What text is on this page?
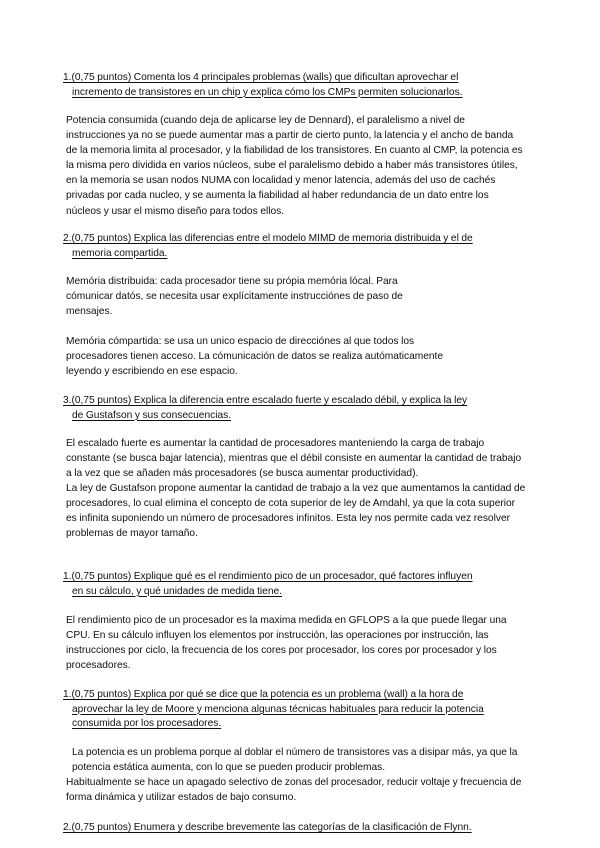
1.(0,75 puntos) Comenta los 4 principales problemas (walls) que dificultan aprovechar el
incremento de transistores en un chip y explica cómo los CMPs permiten solucionarlos.

Potencia consumida (cuando deja de aplicarse ley de Dennard), el paralelismo a nivel de instrucciones ya no se puede aumentar mas a partir de cierto punto, la latencia y el ancho de banda de la memoria limita al procesador, y la fiabilidad de los transistores. En cuanto al CMP, la potencia es la misma pero dividida en varios núcleos, sube el paralelismo debido a haber más transistores útiles, en la memoria se usan nodos NUMA con localidad y menor latencia, además del uso de cachés privadas por cada nucleo, y se aumenta la fiabilidad al haber redundancia de un dato entre los núcleos y usar el mismo diseño para todos ellos.

2.(0,75 puntos) Explica las diferencias entre el modelo MIMD de memoria distribuida y el de
memoria compartida.

Memória distribuida: cada procesador tiene su própia memória lócal. Para cómunicar datós, se necesita usar explícitamente instrucciónes de paso de mensajes.

Memória cómpartida: se usa un unico espacio de direcciónes al que todos los procesadores tienen acceso. La cómunicación de datos se realiza autómaticamente leyendo y escribiendo en ese espacio.

3.(0,75 puntos) Explica la diferencia entre escalado fuerte y escalado débil, y explica la ley
de Gustafson y sus consecuencias.

El escalado fuerte es aumentar la cantidad de procesadores manteniendo la carga de trabajo constante (se busca bajar latencia), mientras que el débil consiste en aumentar la cantidad de trabajo a la vez que se añaden más procesadores (se busca aumentar productividad).

La ley de Gustafson propone aumentar la cantidad de trabajo a la vez que aumentamos la cantidad de procesadores, lo cual elimina el concepto de cota superior de ley de Amdahl, ya que la cota superior es infinita suponiendo un número de procesadores infinitos. Esta ley nos permite cada vez resolver problemas de mayor tamaño.

1.(0,75 puntos) Explique qué es el rendimiento pico de un procesador, qué factores influyen
en su cálculo, y qué unidades de medida tiene.

El rendimiento pico de un procesador es la maxima medida en GFLOPS a la que puede llegar una CPU. En su cálculo influyen los elementos por instrucción, las operaciones por instrucción, las instrucciones por ciclo, la frecuencia de los cores por procesador, los cores por procesador y los procesadores.

1.(0,75 puntos) Explica por qué se dice que la potencia es un problema (wall) a la hora de
aprovechar la ley de Moore y menciona algunas técnicas habituales para reducir la potencia
consumida por los procesadores.

La potencia es un problema porque al doblar el número de transistores vas a disipar más, ya que la potencia estática aumenta, con lo que se pueden producir problemas.

Habitualmente se hace un apagado selectivo de zonas del procesador, reducir voltaje y frecuencia de forma dinámica y utilizar estados de bajo consumo.

2.(0,75 puntos) Enumera y describe brevemente las categorías de la clasificación de Flynn.
